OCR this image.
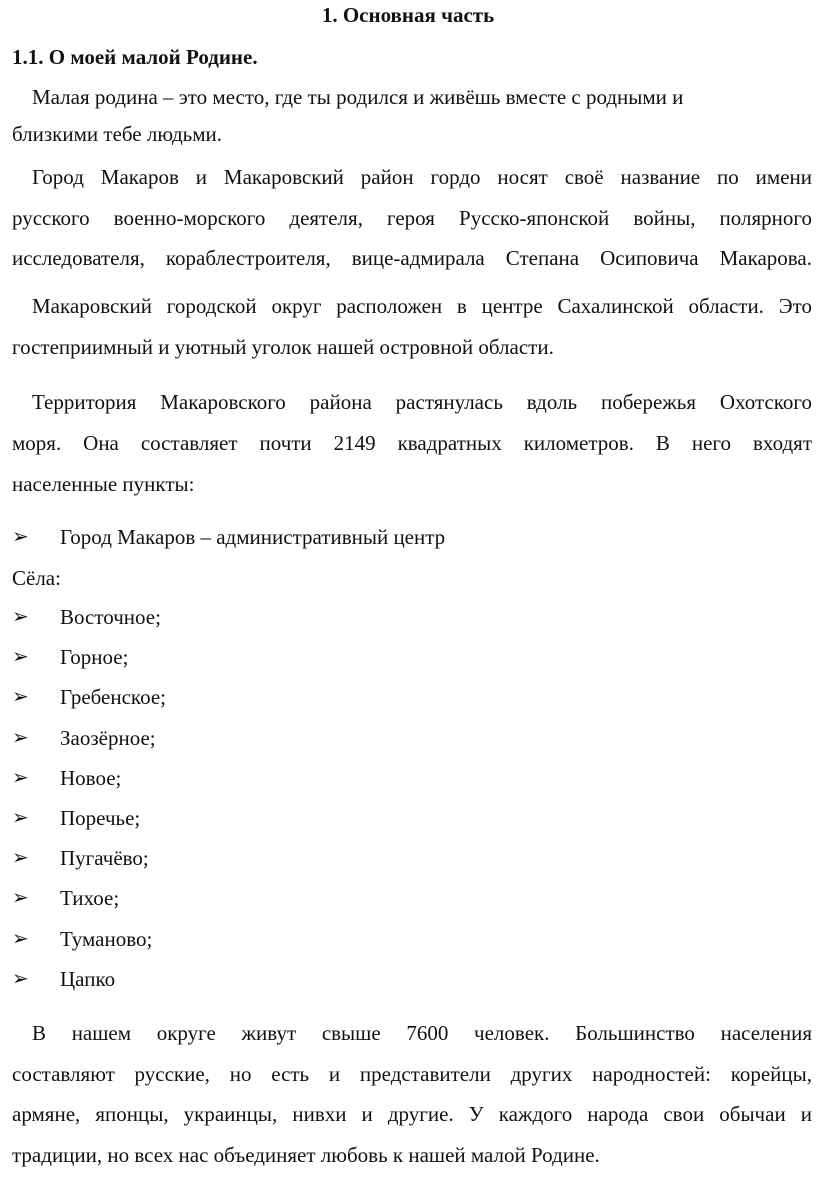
1. Основная часть
1.1. О моей малой Родине.
Малая родина – это место, где ты родился и живёшь вместе с родными и
близкими тебе людьми.
Город Макаров и Макаровский район гордо носят своё название по имени
русского военно-морского деятеля, героя Русско-японской войны, полярного
исследователя, кораблестроителя, вице-адмирала Степана Осиповича Макарова.
Макаровский городской округ расположен в центре Сахалинской области. Это
гостеприимный и уютный уголок нашей островной области.
Территория Макаровского района растянулась вдоль побережья Охотского
моря. Она составляет почти 2149 квадратных километров. В него входят
населенные пункты:
➢ Город Макаров – административный центр
Сёла:
➢ Восточное;
➢ Горное;
➢ Гребенское;
➢ Заозёрное;
➢ Новое;
➢ Поречье;
➢ Пугачёво;
➢ Тихое;
➢ Туманово;
➢ Цапко
В нашем округе живут свыше 7600 человек. Большинство населения
составляют русские, но есть и представители других народностей: корейцы,
армяне, японцы, украинцы, нивхи и другие. У каждого народа свои обычаи и
традиции, но всех нас объединяет любовь к нашей малой Родине.
